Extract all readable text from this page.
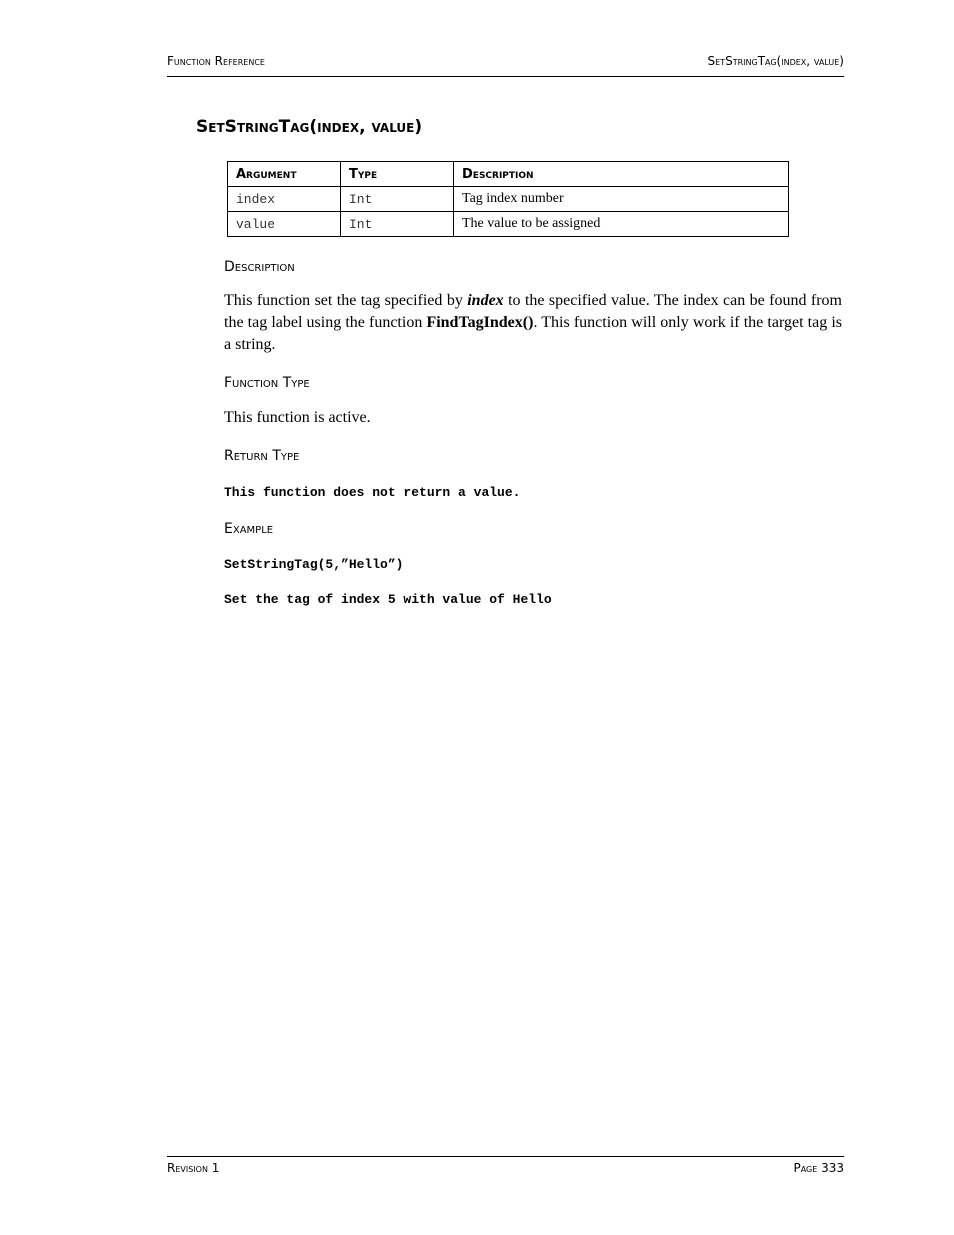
Function Reference	SetStringTag(index, value)
SetStringTag(index, value)
Argument	Type	Description
index	Int	Tag index number
value	Int	The value to be assigned
Description
This function set the tag specified by index to the specified value. The index can be found from the tag label using the function FindTagIndex(). This function will only work if the target tag is a string.
Function Type
This function is active.
Return Type
This function does not return a value.
Example
SetStringTag(5,”Hello”)
Set the tag of index 5 with value of Hello
Revision 1	Page 333
